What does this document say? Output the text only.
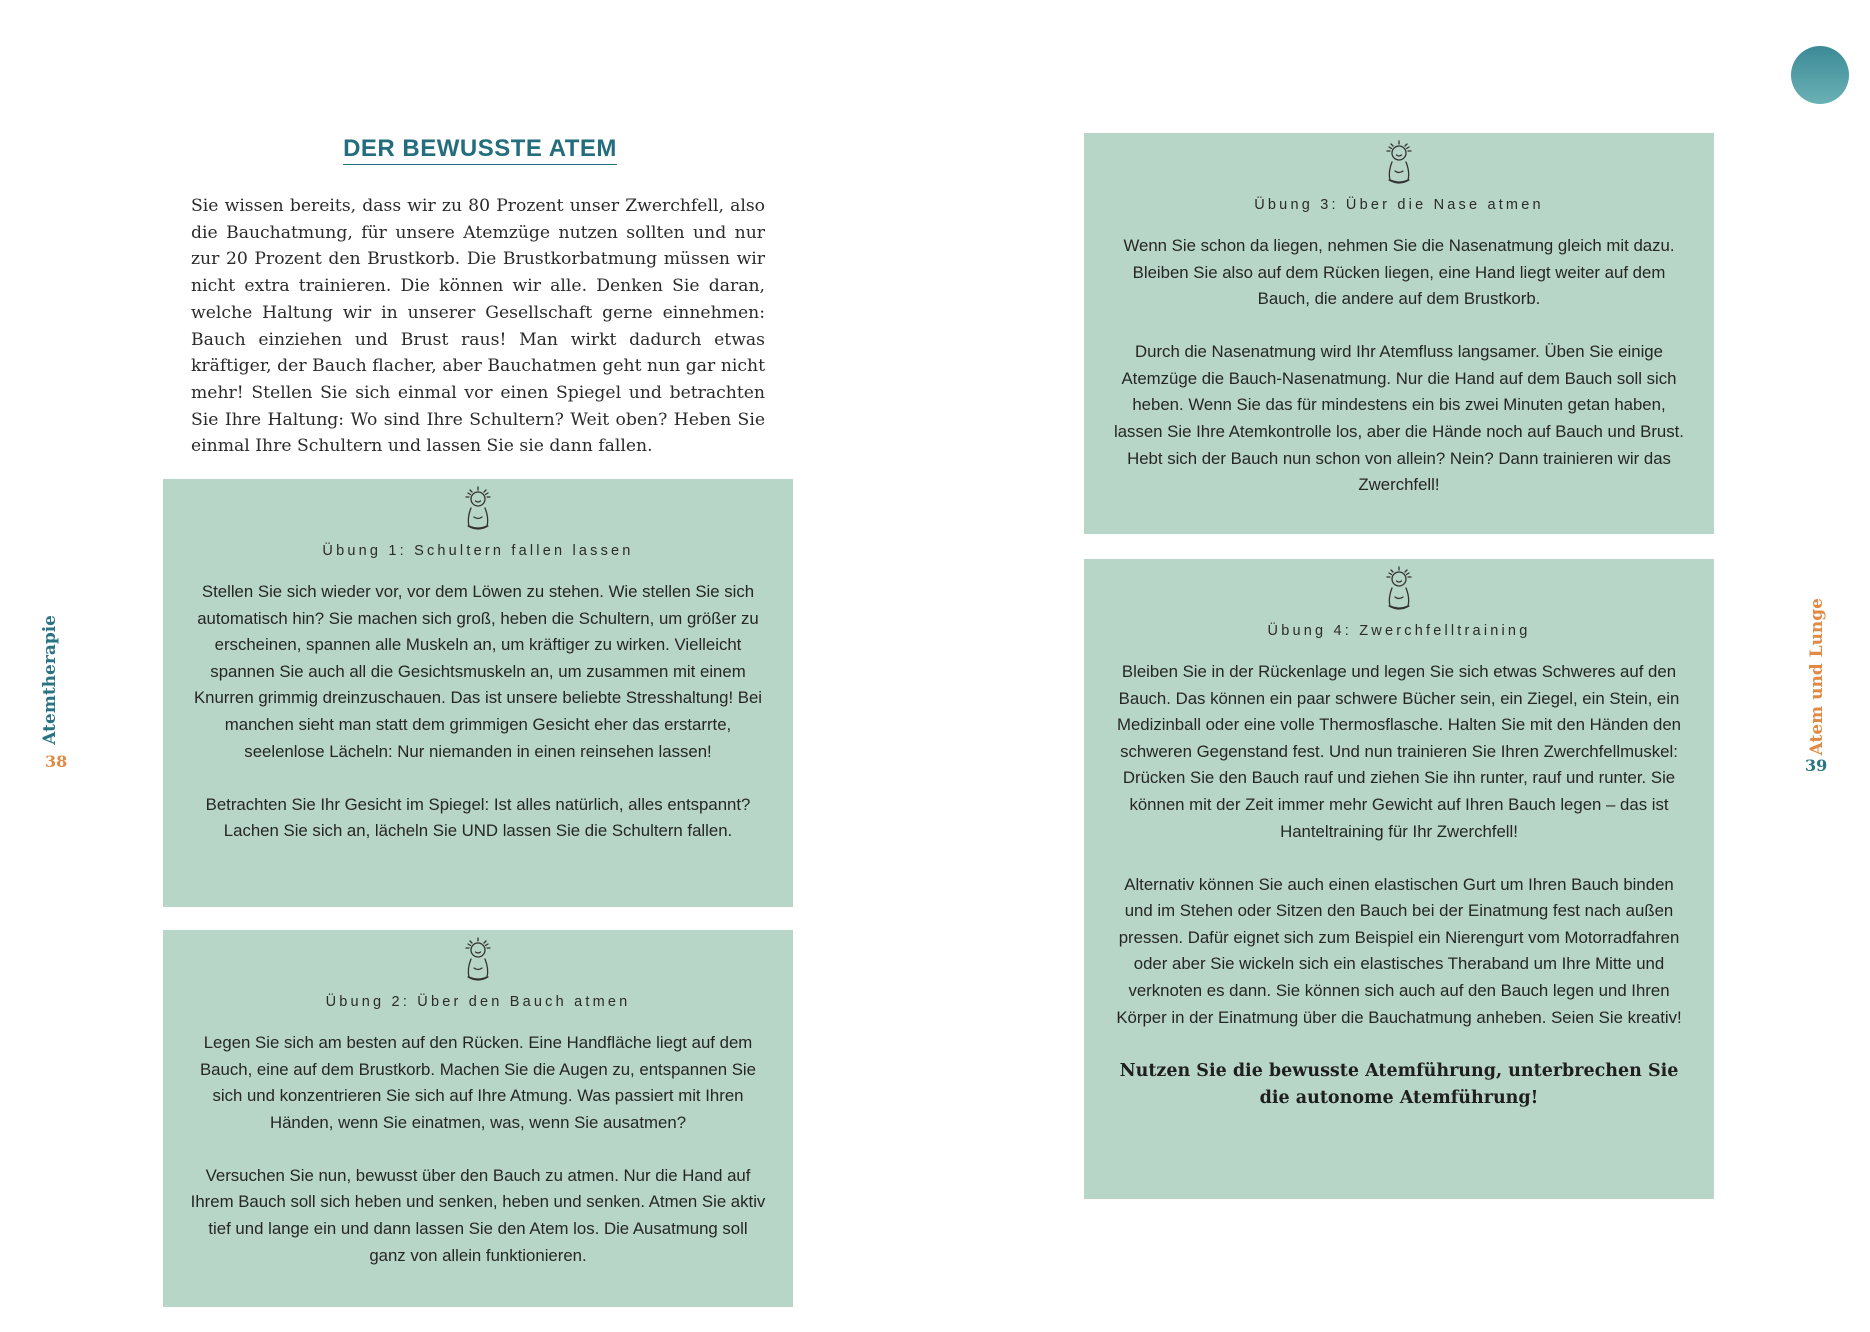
Atemtherapie
38
Atem und Lunge
39
DER BEWUSSTE ATEM

Sie wissen bereits, dass wir zu 80 Prozent unser Zwerchfell, also die Bauchatmung, für unsere Atemzüge nutzen sollten und nur zur 20 Prozent den Brustkorb. Die Brustkorbatmung müssen wir nicht extra trainieren. Die können wir alle. Denken Sie daran, welche Haltung wir in unserer Gesellschaft gerne einnehmen: Bauch einziehen und Brust raus! Man wirkt dadurch etwas kräftiger, der Bauch flacher, aber Bauchatmen geht nun gar nicht mehr! Stellen Sie sich einmal vor einen Spiegel und betrachten Sie Ihre Haltung: Wo sind Ihre Schultern? Weit oben? Heben Sie einmal Ihre Schultern und lassen Sie sie dann fallen.

Übung 1: Schultern fallen lassen

Stellen Sie sich wieder vor, vor dem Löwen zu stehen. Wie stellen Sie sich automatisch hin? Sie machen sich groß, heben die Schultern, um größer zu erscheinen, spannen alle Muskeln an, um kräftiger zu wirken. Vielleicht spannen Sie auch all die Gesichtsmuskeln an, um zusammen mit einem Knurren grimmig dreinzuschauen. Das ist unsere beliebte Stresshaltung! Bei manchen sieht man statt dem grimmigen Gesicht eher das erstarrte, seelenlose Lächeln: Nur niemanden in einen reinsehen lassen!

Betrachten Sie Ihr Gesicht im Spiegel: Ist alles natürlich, alles entspannt? Lachen Sie sich an, lächeln Sie UND lassen Sie die Schultern fallen.

Übung 2: Über den Bauch atmen

Legen Sie sich am besten auf den Rücken. Eine Handfläche liegt auf dem Bauch, eine auf dem Brustkorb. Machen Sie die Augen zu, entspannen Sie sich und konzentrieren Sie sich auf Ihre Atmung. Was passiert mit Ihren Händen, wenn Sie einatmen, was, wenn Sie ausatmen?

Versuchen Sie nun, bewusst über den Bauch zu atmen. Nur die Hand auf Ihrem Bauch soll sich heben und senken, heben und senken. Atmen Sie aktiv tief und lange ein und dann lassen Sie den Atem los. Die Ausatmung soll ganz von allein funktionieren.

Übung 3: Über die Nase atmen

Wenn Sie schon da liegen, nehmen Sie die Nasenatmung gleich mit dazu. Bleiben Sie also auf dem Rücken liegen, eine Hand liegt weiter auf dem Bauch, die andere auf dem Brustkorb.

Durch die Nasenatmung wird Ihr Atemfluss langsamer. Üben Sie einige Atemzüge die Bauch-Nasenatmung. Nur die Hand auf dem Bauch soll sich heben. Wenn Sie das für mindestens ein bis zwei Minuten getan haben, lassen Sie Ihre Atemkontrolle los, aber die Hände noch auf Bauch und Brust. Hebt sich der Bauch nun schon von allein? Nein? Dann trainieren wir das Zwerchfell!

Übung 4: Zwerchfelltraining

Bleiben Sie in der Rückenlage und legen Sie sich etwas Schweres auf den Bauch. Das können ein paar schwere Bücher sein, ein Ziegel, ein Stein, ein Medizinball oder eine volle Thermosflasche. Halten Sie mit den Händen den schweren Gegenstand fest. Und nun trainieren Sie Ihren Zwerchfellmuskel: Drücken Sie den Bauch rauf und ziehen Sie ihn runter, rauf und runter. Sie können mit der Zeit immer mehr Gewicht auf Ihren Bauch legen – das ist Hanteltraining für Ihr Zwerchfell!

Alternativ können Sie auch einen elastischen Gurt um Ihren Bauch binden und im Stehen oder Sitzen den Bauch bei der Einatmung fest nach außen pressen. Dafür eignet sich zum Beispiel ein Nierengurt vom Motorradfahren oder aber Sie wickeln sich ein elastisches Theraband um Ihre Mitte und verknoten es dann. Sie können sich auch auf den Bauch legen und Ihren Körper in der Einatmung über die Bauchatmung anheben. Seien Sie kreativ!

Nutzen Sie die bewusste Atemführung, unterbrechen Sie die autonome Atemführung!
